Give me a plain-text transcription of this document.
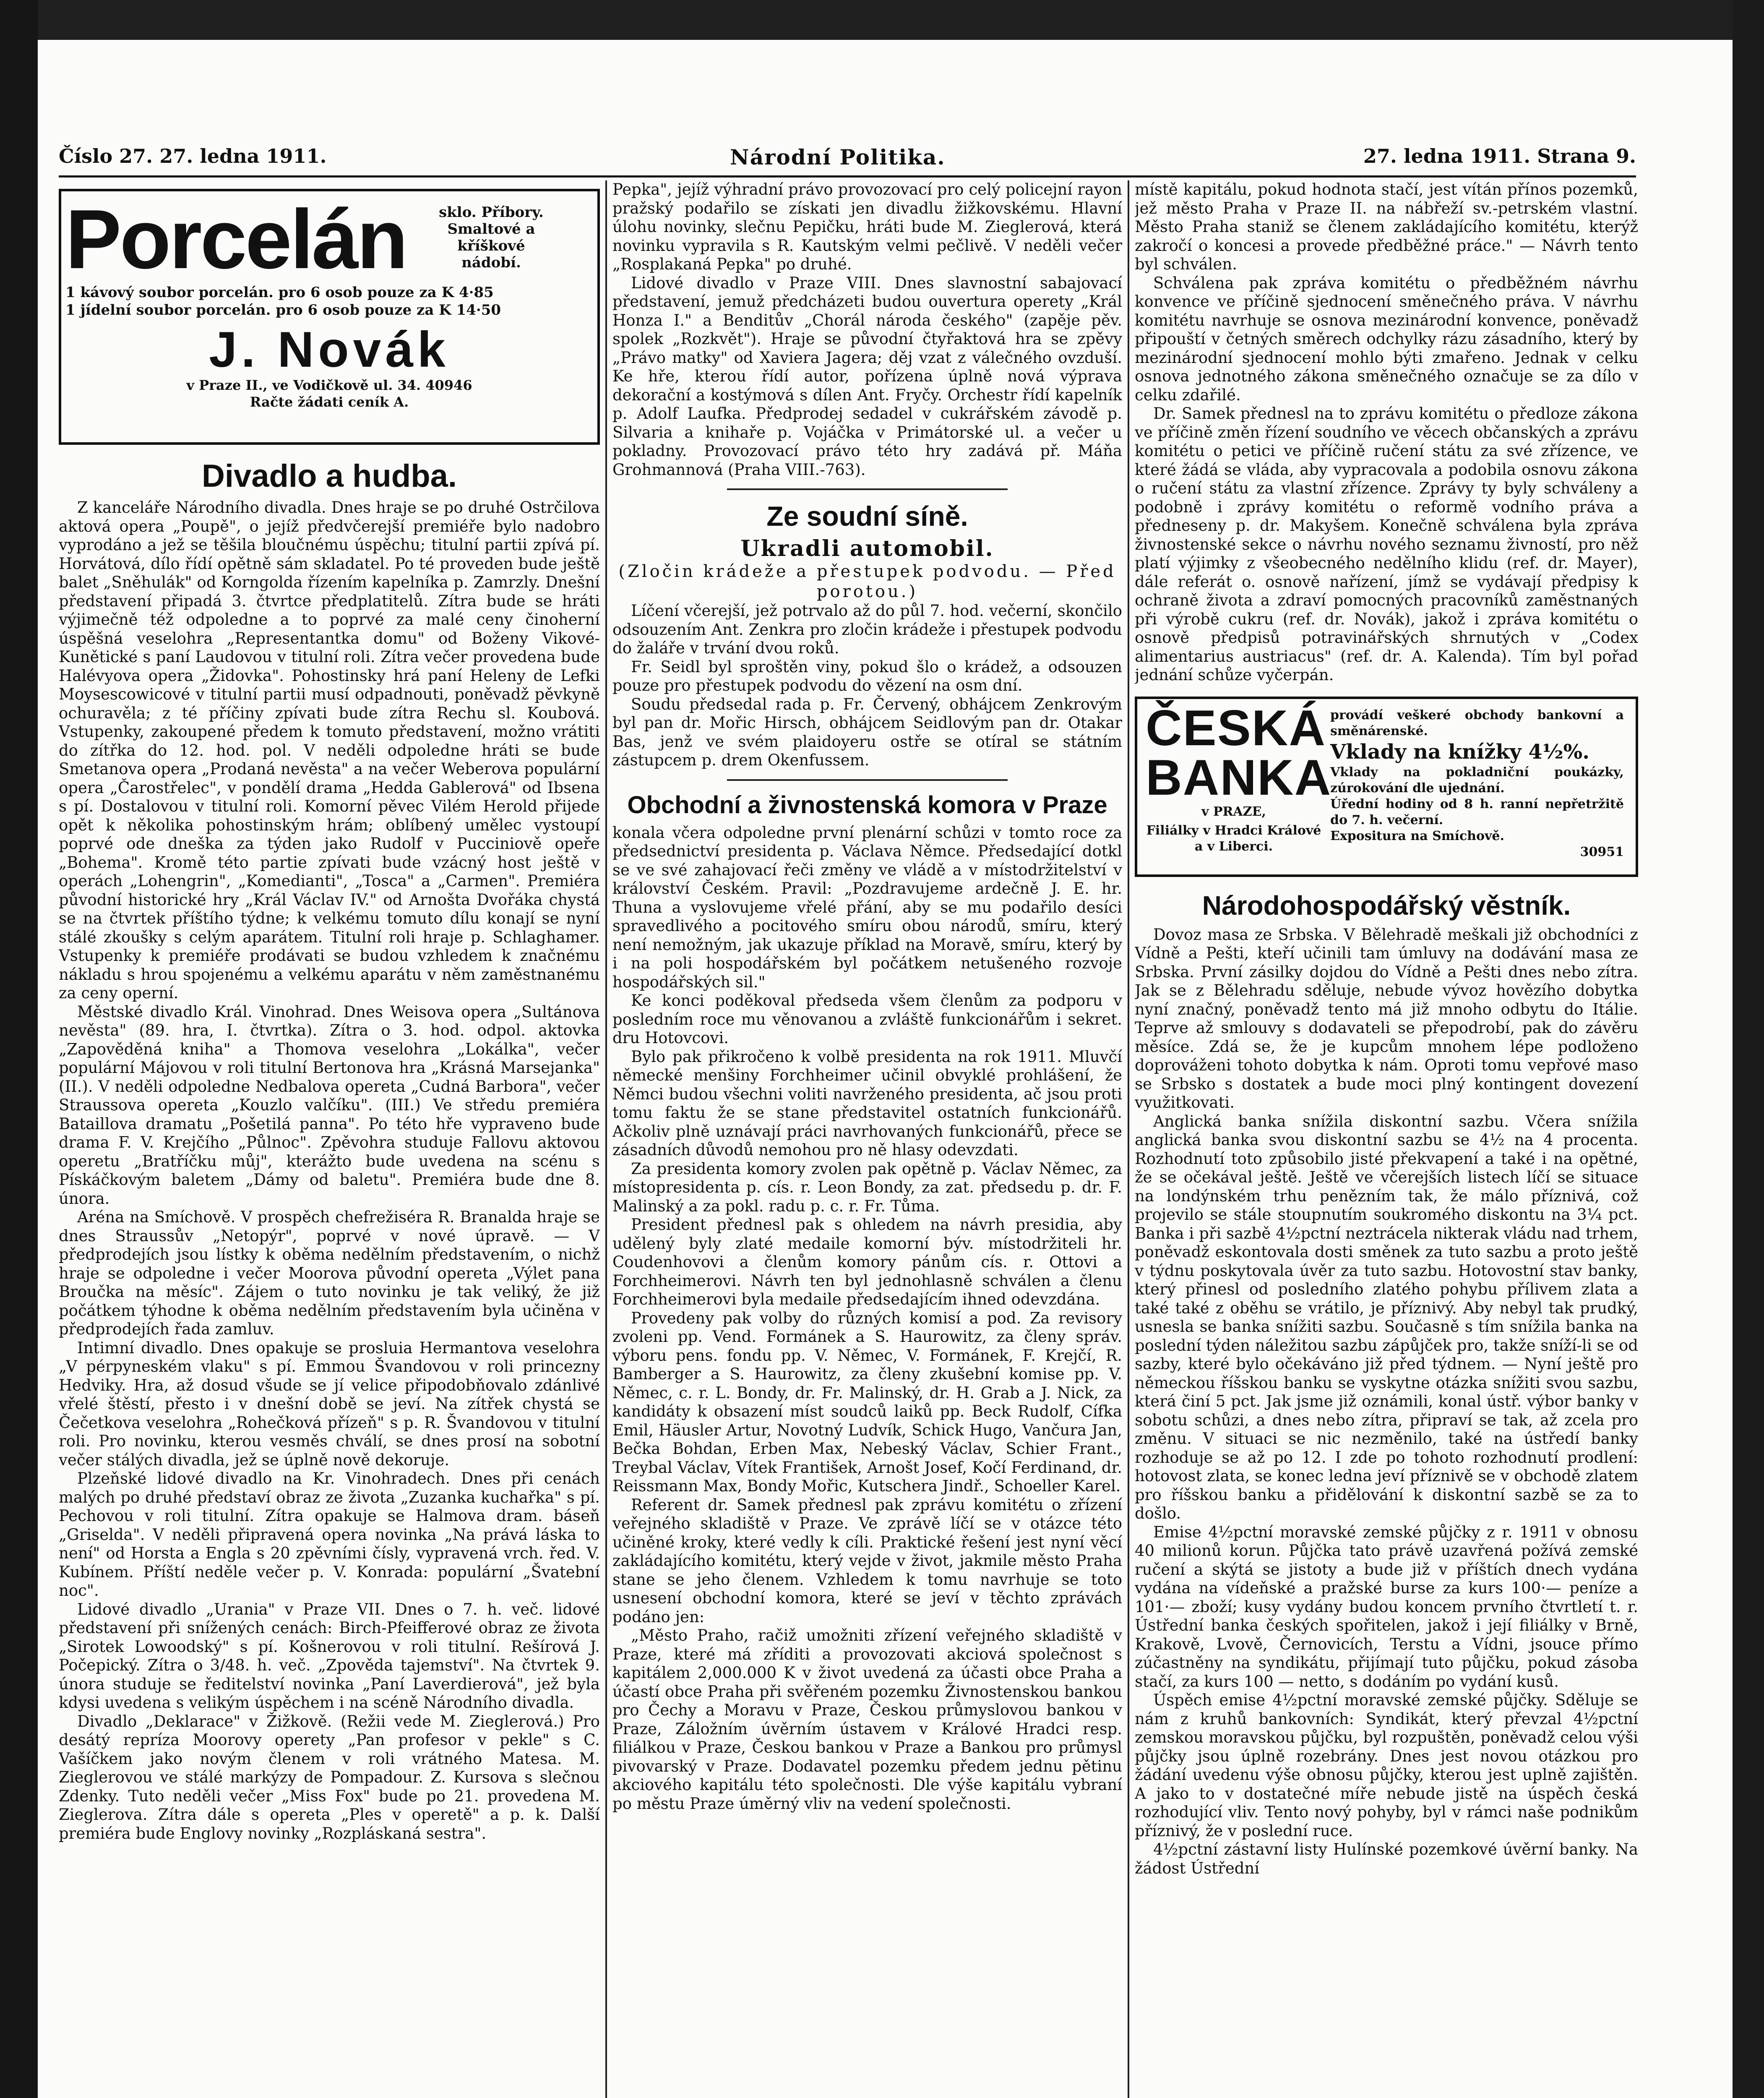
Číslo 27. 27. ledna 1911.	Národní Politika.	27. ledna 1911. Strana 9.
Porcelán	sklo. Příbory. Smaltové a kříškové nádobí.

1 kávový soubor porcelán. pro 6 osob pouze za K 4·85

1 jídelní soubor porcelán. pro 6 osob pouze za K 14·50

J. Novák
v Praze II., ve Vodičkově ul. 34. 40946
Račte žádati ceník A.
Divadlo a hudba.

Z kanceláře Národního divadla. Dnes hraje se po druhé Ostrčilova aktová opera „Poupě", o jejíž předvčerejší premiéře bylo nadobro vyprodáno a jež se těšila bloučnému úspěchu; titulní partii zpívá pí. Horvátová, dílo řídí opětně sám skladatel. Po té proveden bude ještě balet „Sněhulák" od Korngolda řízením kapelníka p. Zamrzly. Dnešní představení připadá 3. čtvrtce předplatitelů. Zítra bude se hráti výjimečně též odpoledne a to poprvé za malé ceny činoherní úspěšná veselohra „Representantka domu" od Boženy Vikové-Kunětické s paní Laudovou v titulní roli. Zítra večer provedena bude Halévyova opera „Židovka". Pohostinsky hrá paní Heleny de Lefki Moysescowicové v titulní partii musí odpadnouti, poněvadž pěvkyně ochuravěla; z té příčiny zpívati bude zítra Rechu sl. Koubová. Vstupenky, zakoupené předem k tomuto představení, možno vrátiti do zítřka do 12. hod. pol. V neděli odpoledne hráti se bude Smetanova opera „Prodaná nevěsta" a na večer Weberova populární opera „Čarostřelec", v pondělí drama „Hedda Gablerová" od Ibsena s pí. Dostalovou v titulní roli. Komorní pěvec Vilém Herold přijede opět k několika pohostinským hrám; oblíbený umělec vystoupí poprvé ode dneška za týden jako Rudolf v Pucciniově opeře „Bohema". Kromě této partie zpívati bude vzácný host ještě v operách „Lohengrin", „Komedianti", „Tosca" a „Carmen". Premiéra původní historické hry „Král Václav IV." od Arnošta Dvořáka chystá se na čtvrtek příštího týdne; k velkému tomuto dílu konají se nyní stálé zkoušky s celým aparátem. Titulní roli hraje p. Schlaghamer. Vstupenky k premiéře prodávati se budou vzhledem k značnému nákladu s hrou spojenému a velkému aparátu v něm zaměstnanému za ceny operní.

Městské divadlo Král. Vinohrad. Dnes Weisova opera „Sultánova nevěsta" (89. hra, I. čtvrtka). Zítra o 3. hod. odpol. aktovka „Zapověděná kniha" a Thomova veselohra „Lokálka", večer populární Májovou v roli titulní Bertonova hra „Krásná Marsejanka" (II.). V neděli odpoledne Nedbalova opereta „Cudná Barbora", večer Straussova opereta „Kouzlo valčíku". (III.) Ve středu premiéra Bataillova dramatu „Pošetilá panna". Po této hře vypraveno bude drama F. V. Krejčího „Půlnoc". Zpěvohra studuje Fallovu aktovou operetu „Bratříčku můj", kterážto bude uvedena na scénu s Pískáčkovým baletem „Dámy od baletu". Premiéra bude dne 8. února.

Aréna na Smíchově. V prospěch chefrežiséra R. Branalda hraje se dnes Straussův „Netopýr", poprvé v nové úpravě. — V předprodejích jsou lístky k oběma nedělním představením, o nichž hraje se odpoledne i večer Moorova původní opereta „Výlet pana Broučka na měsíc". Zájem o tuto novinku je tak veliký, že již počátkem týhodne k oběma nedělním představením byla učiněna v předprodejích řada zamluv.

Intimní divadlo. Dnes opakuje se prosluia Hermantova veselohra „V pérpyneském vlaku" s pí. Emmou Švandovou v roli princezny Hedviky. Hra, až dosud všude se jí velice připodobňovalo zdánlivé vřelé štěstí, přesto i v dnešní době se jeví. Na zítřek chystá se Čečetkova veselohra „Rohečková přízeň" s p. R. Švandovou v titulní roli. Pro novinku, kterou vesměs chválí, se dnes prosí na sobotní večer stálých divadla, jež se úplně nově dekoruje.

Plzeňské lidové divadlo na Kr. Vinohradech. Dnes při cenách malých po druhé představí obraz ze života „Zuzanka kuchařka" s pí. Pechovou v roli titulní. Zítra opakuje se Halmova dram. báseň „Griselda". V neděli připravená opera novinka „Na prává láska to není" od Horsta a Engla s 20 zpěvními čísly, vypravená vrch. řed. V. Kubínem. Příští neděle večer p. V. Konrada: populární „Švatební noc".

Lidové divadlo „Urania" v Praze VII. Dnes o 7. h. več. lidové představení při snížených cenách: Birch-Pfeifferové obraz ze života „Sirotek Lowoodský" s pí. Košnerovou v roli titulní. Rešírová J. Počepický. Zítra o 3/48. h. več. „Zpověda tajemství". Na čtvrtek 9. února studuje se ředitelství novinka „Paní Laverdierová", jež byla kdysi uvedena s velikým úspěchem i na scéně Národního divadla.

Divadlo „Deklarace" v Žižkově. (Režii vede M. Zieglerová.) Pro desátý repríza Moorovy operety „Pan profesor v pekle" s C. Vašíčkem jako novým členem v roli vrátného Matesa. M. Zieglerovou ve stálé markýzy de Pompadour. Z. Kursova s slečnou Zdenky. Tuto neděli večer „Miss Fox" bude po 21. provedena M. Zieglerova. Zítra dále s opereta „Ples v operetě" a p. k. Další premiéra bude Englovy novinky „Rozpláskaná sestra".

Pepka", jejíž výhradní právo provozovací pro celý policejní rayon pražský podařilo se získati jen divadlu žižkovskému. Hlavní úlohu novinky, slečnu Pepičku, hráti bude M. Zieglerová, která novinku vypravila s R. Kautským velmi pečlivě. V neděli večer „Rosplakaná Pepka" po druhé.

Lidové divadlo v Praze VIII. Dnes slavnostní sabajovací představení, jemuž předcházeti budou ouvertura operety „Král Honza I." a Benditův „Chorál národa českého" (zapěje pěv. spolek „Rozkvět"). Hraje se původní čtyřaktová hra se zpěvy „Právo matky" od Xaviera Jagera; děj vzat z válečného ovzduší. Ke hře, kterou řídí autor, pořízena úplně nová výprava dekorační a kostýmová s dílen Ant. Fryčy. Orchestr řídí kapelník p. Adolf Laufka. Předprodej sedadel v cukrářském závodě p. Silvaria a knihaře p. Vojáčka v Primátorské ul. a večer u pokladny. Provozovací právo této hry zadává př. Máňa Grohmannová (Praha VIII.-763).

Ze soudní síně.
Ukradli automobil.
(Zločin krádeže a přestupek podvodu. — Před porotou.)

Líčení včerejší, jež potrvalo až do půl 7. hod. večerní, skončilo odsouzením Ant. Zenkra pro zločin krádeže i přestupek podvodu do žaláře v trvání dvou roků.

Fr. Seidl byl sproštěn viny, pokud šlo o krádež, a odsouzen pouze pro přestupek podvodu do vězení na osm dní.

Soudu předsedal rada p. Fr. Červený, obhájcem Zenkrovým byl pan dr. Mořic Hirsch, obhájcem Seidlovým pan dr. Otakar Bas, jenž ve svém plaidoyeru ostře se otíral se státním zástupcem p. drem Okenfussem.

Obchodní a živnostenská komora v Praze

konala včera odpoledne první plenární schůzi v tomto roce za předsednictví presidenta p. Václava Němce. Předsedající dotkl se ve své zahajovací řeči změny ve vládě a v místodržitelství v království Českém. Pravil: „Pozdravujeme ardečně J. E. hr. Thuna a vyslovujeme vřelé přání, aby se mu podařilo desíci spravedlivého a pocitového smíru obou národů, smíru, který není nemožným, jak ukazuje příklad na Moravě, smíru, který by i na poli hospodářském byl počátkem netušeného rozvoje hospodářských sil."

Ke konci poděkoval předseda všem členům za podporu v posledním roce mu věnovanou a zvláště funkcionářům i sekret. dru Hotovcovi.

Bylo pak přikročeno k volbě presidenta na rok 1911. Mluvčí německé menšiny Forchheimer učinil obvyklé prohlášení, že Němci budou všechni voliti navrženého presidenta, ač jsou proti tomu faktu že se stane představitel ostatních funkcionářů. Ačkoliv plně uznávají práci navrhovaných funkcionářů, přece se zásadních důvodů nemohou pro ně hlasy odevzdati.

Za presidenta komory zvolen pak opětně p. Václav Němec, za místopresidenta p. cís. r. Leon Bondy, za zat. předsedu p. dr. F. Malinský a za pokl. radu p. c. r. Fr. Tůma.

President přednesl pak s ohledem na návrh presidia, aby udělený byly zlaté medaile komorní býv. místodržiteli hr. Coudenhovovi a členům komory pánům cís. r. Ottovi a Forchheimerovi. Návrh ten byl jednohlasně schválen a členu Forchheimerovi byla medaile předsedajícím ihned odevzdána.

Provedeny pak volby do různých komisí a pod. Za revisory zvoleni pp. Vend. Formánek a S. Haurowitz, za členy správ. výboru pens. fondu pp. V. Němec, V. Formánek, F. Krejčí, R. Bamberger a S. Haurowitz, za členy zkušební komise pp. V. Němec, c. r. L. Bondy, dr. Fr. Malinský, dr. H. Grab a J. Nick, za kandidáty k obsazení míst soudců laiků pp. Beck Rudolf, Cífka Emil, Häusler Artur, Novotný Ludvík, Schick Hugo, Vančura Jan, Bečka Bohdan, Erben Max, Nebeský Václav, Schier Frant., Treybal Václav, Vítek František, Arnošt Josef, Kočí Ferdinand, dr. Reissmann Max, Bondy Mořic, Kutschera Jindř., Schoeller Karel.

Referent dr. Samek přednesl pak zprávu komitétu o zřízení veřejného skladiště v Praze. Ve zprávě líčí se v otázce této učiněné kroky, které vedly k cíli. Praktické řešení jest nyní věcí zakládajícího komitétu, který vejde v život, jakmile město Praha stane se jeho členem. Vzhledem k tomu navrhuje se toto usnesení obchodní komora, které se jeví v těchto zprávách podáno jen:

„Město Praho, račiž umožniti zřízení veřejného skladiště v Praze, které má zříditi a provozovati akciová společnost s kapitálem 2,000.000 K v život uvedená za účasti obce Praha a účastí obce Praha při svěřeném pozemku Živnostenskou bankou pro Čechy a Moravu v Praze, Českou průmyslovou bankou v Praze, Záložním úvěrním ústavem v Králové Hradci resp. filiálkou v Praze, Českou bankou v Praze a Bankou pro průmysl pivovarský v Praze. Dodavatel pozemku předem jednu pětinu akciového kapitálu této společnosti. Dle výše kapitálu vybraní po městu Praze úměrný vliv na vedení společnosti.

místě kapitálu, pokud hodnota stačí, jest vítán přínos pozemků, jež město Praha v Praze II. na nábřeží sv.-petrském vlastní. Město Praha staniž se členem zakládajícího komitétu, kterýž zakročí o koncesi a provede předběžné práce." — Návrh tento byl schválen.

Schválena pak zpráva komitétu o předběžném návrhu konvence ve příčině sjednocení směnečného práva. V návrhu komitétu navrhuje se osnova mezinárodní konvence, poněvadž připouští v četných směrech odchylky rázu zásadního, který by mezinárodní sjednocení mohlo býti zmařeno. Jednak v celku osnova jednotného zákona směnečného označuje se za dílo v celku zdařilé.

Dr. Samek přednesl na to zprávu komitétu o předloze zákona ve příčině změn řízení soudního ve věcech občanských a zprávu komitétu o petici ve příčině ručení státu za své zřízence, ve které žádá se vláda, aby vypracovala a podobila osnovu zákona o ručení státu za vlastní zřízence. Zprávy ty byly schváleny a podobně i zprávy komitétu o reformě vodního práva a předneseny p. dr. Makyšem. Konečně schválena byla zpráva živnostenské sekce o návrhu nového seznamu živností, pro něž platí výjimky z všeobecného nedělního klidu (ref. dr. Mayer), dále referát o. osnově nařízení, jímž se vydávají předpisy k ochraně života a zdraví pomocných pracovníků zaměstnaných při výrobě cukru (ref. dr. Novák), jakož i zpráva komitétu o osnově předpisů potravinářských shrnutých v „Codex alimentarius austriacus" (ref. dr. A. Kalenda). Tím byl pořad jednání schůze vyčerpán.

ČESKÁ BANKA
v PRAZE,
Filiálky v Hradci Králové a v Liberci.
provádí veškeré obchody bankovní a směnárenské.
Vklady na knížky 4½%.
Vklady na pokladniční poukázky, zúrokování dle ujednání.
Úřední hodiny od 8 h. ranní nepřetržitě do 7. h. večerní.
Expositura na Smíchově.
30951
Národohospodářský věstník.

Dovoz masa ze Srbska. V Bělehradě meškali již obchodníci z Vídně a Pešti, kteří učinili tam úmluvy na dodávání masa ze Srbska. První zásilky dojdou do Vídně a Pešti dnes nebo zítra. Jak se z Bělehradu sděluje, nebude vývoz hovězího dobytka nyní značný, poněvadž tento má již mnoho odbytu do Itálie. Teprve až smlouvy s dodavateli se přepodrobí, pak do závěru měsíce. Zdá se, že je kupcům mnohem lépe podloženo doprováženi tohoto dobytka k nám. Oproti tomu vepřové maso se Srbsko s dostatek a bude moci plný kontingent dovezení využitkovati.

Anglická banka snížila diskontní sazbu. Včera snížila anglická banka svou diskontní sazbu se 4½ na 4 procenta. Rozhodnutí toto způsobilo jisté překvapení a také i na opětné, že se očekával ještě. Ještě ve včerejších listech líčí se situace na londýnském trhu penězním tak, že málo příznivá, což projevilo se stále stoupnutím soukromého diskontu na 3¼ pct. Banka i při sazbě 4½pctní neztrácela nikterak vládu nad trhem, poněvadž eskontovala dosti směnek za tuto sazbu a proto ještě v týdnu poskytovala úvěr za tuto sazbu. Hotovostní stav banky, který přinesl od posledního zlatého pohybu přílivem zlata a také také z oběhu se vrátilo, je příznivý. Aby nebyl tak prudký, usnesla se banka snížiti sazbu. Současně s tím snížila banka na poslední týden náležitou sazbu zápůjček pro, takže sníží-li se od sazby, které bylo očekáváno již před týdnem. — Nyní ještě pro německou říšskou banku se vyskytne otázka snížiti svou sazbu, která činí 5 pct. Jak jsme již oznámili, konal ústř. výbor banky v sobotu schůzi, a dnes nebo zítra, připraví se tak, až zcela pro změnu. V situaci se nic nezměnilo, také na ústředí banky rozhoduje se až po 12. I zde po tohoto rozhodnutí prodlení: hotovost zlata, se konec ledna jeví příznivě se v obchodě zlatem pro říšskou banku a přidělování k diskontní sazbě se za to došlo.

Emise 4½pctní moravské zemské půjčky z r. 1911 v obnosu 40 milionů korun. Půjčka tato právě uzavřená požívá zemské ručení a skýtá se jistoty a bude již v příštích dnech vydána vydána na vídeňské a pražské burse za kurs 100·— peníze a 101·— zboží; kusy vydány budou koncem prvního čtvrtletí t. r. Ústřední banka českých spořitelen, jakož i její filiálky v Brně, Krakově, Lvově, Černovicích, Terstu a Vídni, jsouce přímo zúčastněny na syndikátu, přijímají tuto půjčku, pokud zásoba stačí, za kurs 100 — netto, s dodáním po vydání kusů.

Úspěch emise 4½pctní moravské zemské půjčky. Sděluje se nám z kruhů bankovních: Syndikát, který převzal 4½pctní zemskou moravskou půjčku, byl rozpuštěn, poněvadž celou výši půjčky jsou úplně rozebrány. Dnes jest novou otázkou pro žádání uvedenu výše obnosu půjčky, kterou jest uplně zajištěn. A jako to v dostatečné míře nebude jistě na úspěch česká rozhodující vliv. Tento nový pohyby, byl v rámci naše podnikům příznivý, že v poslední ruce.

4½pctní zástavní listy Hulínské pozemkové úvěrní banky. Na žádost Ústřední
